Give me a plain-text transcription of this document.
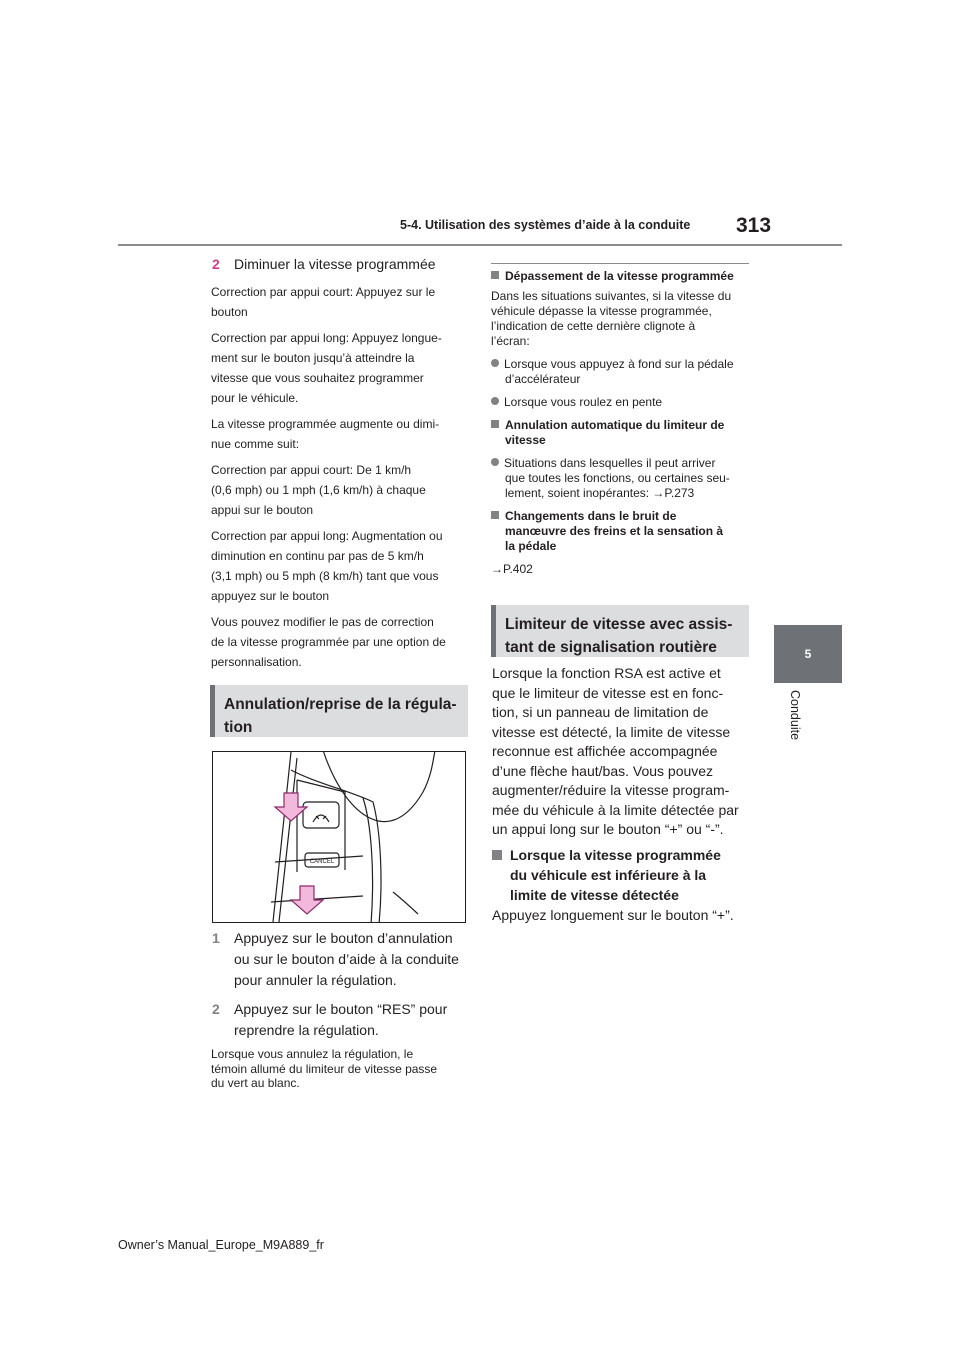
5-4. Utilisation des systèmes d’aide à la conduite 313
5
Conduite
2 Diminuer la vitesse programmée
Correction par appui court: Appuyez sur le
bouton
Correction par appui long: Appuyez longue-
ment sur le bouton jusqu’à atteindre la
vitesse que vous souhaitez programmer
pour le véhicule.
La vitesse programmée augmente ou dimi-
nue comme suit:
Correction par appui court: De 1 km/h
(0,6 mph) ou 1 mph (1,6 km/h) à chaque
appui sur le bouton
Correction par appui long: Augmentation ou
diminution en continu par pas de 5 km/h
(3,1 mph) ou 5 mph (8 km/h) tant que vous
appuyez sur le bouton
Vous pouvez modifier le pas de correction
de la vitesse programmée par une option de
personnalisation.
Annulation/reprise de la régula-
tion
CANCEL
1 Appuyez sur le bouton d’annulation
ou sur le bouton d’aide à la conduite
pour annuler la régulation.
2 Appuyez sur le bouton “RES” pour
reprendre la régulation.
Lorsque vous annulez la régulation, le
témoin allumé du limiteur de vitesse passe
du vert au blanc.
Dépassement de la vitesse programmée
Dans les situations suivantes, si la vitesse du
véhicule dépasse la vitesse programmée,
l’indication de cette dernière clignote à
l’écran:
Lorsque vous appuyez à fond sur la pédale
d’accélérateur
Lorsque vous roulez en pente
Annulation automatique du limiteur de
vitesse
Situations dans lesquelles il peut arriver
que toutes les fonctions, ou certaines seu-
lement, soient inopérantes: →P.273
Changements dans le bruit de
manœuvre des freins et la sensation à
la pédale
→P.402
Limiteur de vitesse avec assis-
tant de signalisation routière
Lorsque la fonction RSA est active et
que le limiteur de vitesse est en fonc-
tion, si un panneau de limitation de
vitesse est détecté, la limite de vitesse
reconnue est affichée accompagnée
d’une flèche haut/bas. Vous pouvez
augmenter/réduire la vitesse program-
mée du véhicule à la limite détectée par
un appui long sur le bouton “+” ou “-”.
Lorsque la vitesse programmée
du véhicule est inférieure à la
limite de vitesse détectée
Appuyez longuement sur le bouton “+”.
Owner’s Manual_Europe_M9A889_fr
